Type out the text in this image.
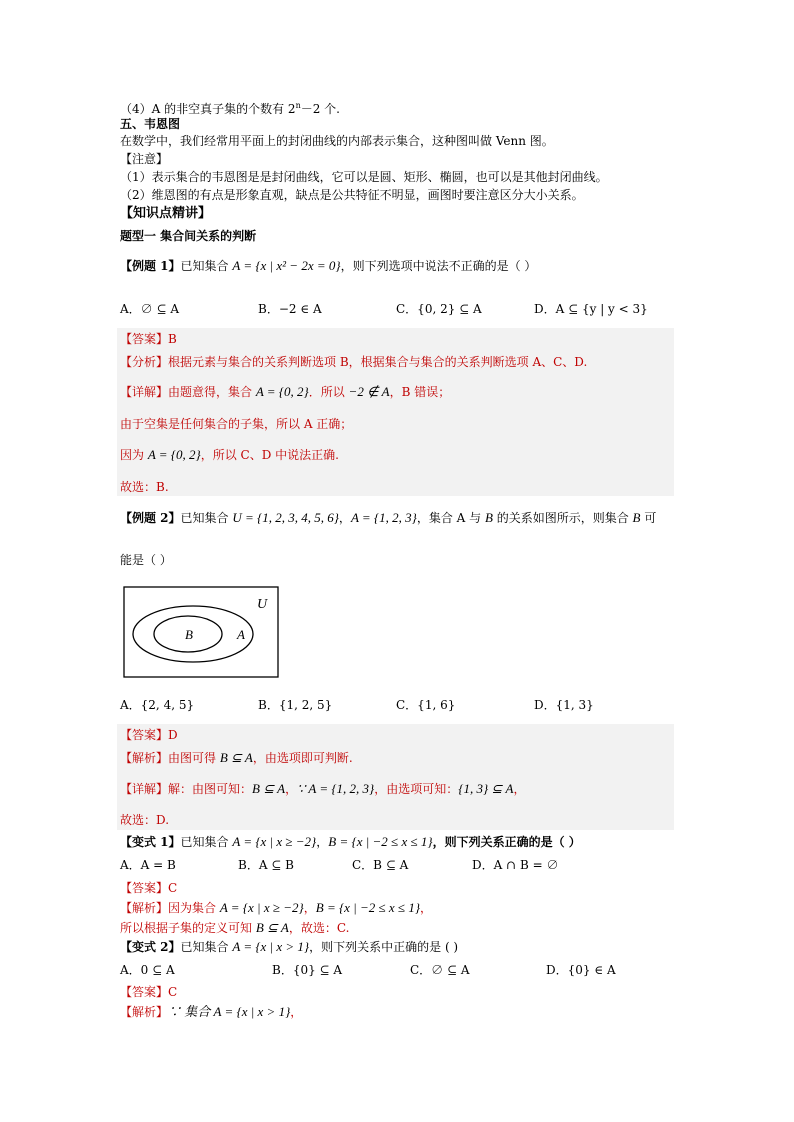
（4）A 的非空真子集的个数有 $2^n-2$ 个.
五、韦恩图
在数学中，我们经常用平面上的封闭曲线的内部表示集合，这种图叫做 Venn 图。
【注意】
（1）表示集合的韦恩图是是封闭曲线，它可以是圆、矩形、椭圆，也可以是其他封闭曲线。
（2）维恩图的有点是形象直观，缺点是公共特征不明显，画图时要注意区分大小关系。
【知识点精讲】
题型一 集合间关系的判断
【例题 1】已知集合 A = {x | x² − 2x = 0}，则下列选项中说法不正确的是（ ）
A．∅ ⊆ A	B．−2 ∈ A	C．{0, 2} ⊆ A	D．A ⊆ {y | y < 3}
【答案】B
【分析】根据元素与集合的关系判断选项 B，根据集合与集合的关系判断选项 A、C、D.
【详解】由题意得，集合 A = {0, 2}．所以 −2 ∉ A，B 错误；
由于空集是任何集合的子集，所以 A 正确；
因为 A = {0, 2}，所以 C、D 中说法正确.
故选：B.
【例题 2】已知集合 U = {1, 2, 3, 4, 5, 6}，A = {1, 2, 3}，集合 A 与 B 的关系如图所示，则集合 B 可
能是（ ）
U
B	A
A．{2, 4, 5}	B．{1, 2, 5}	C．{1, 6}	D．{1, 3}
【答案】D
【解析】由图可得 B ⊆ A，由选项即可判断.
【详解】解：由图可知：B ⊆ A，∵ A = {1, 2, 3}，由选项可知：{1, 3} ⊆ A，
故选：D.
【变式 1】已知集合 A = {x | x ≥ −2}，B = {x | −2 ≤ x ≤ 1}，则下列关系正确的是（ ）
A．A = B	B．A ⊆ B	C．B ⊆ A	D．A ∩ B = ∅
【答案】C
【解析】因为集合 A = {x | x ≥ −2}，B = {x | −2 ≤ x ≤ 1}，
所以根据子集的定义可知 B ⊆ A，故选：C.
【变式 2】已知集合 A = {x | x > 1}，则下列关系中正确的是 ( )
A．0 ⊆ A	B．{0} ⊆ A	C．∅ ⊆ A	D．{0} ∈ A
【答案】C
【解析】∵ 集合 A = {x | x > 1}，
